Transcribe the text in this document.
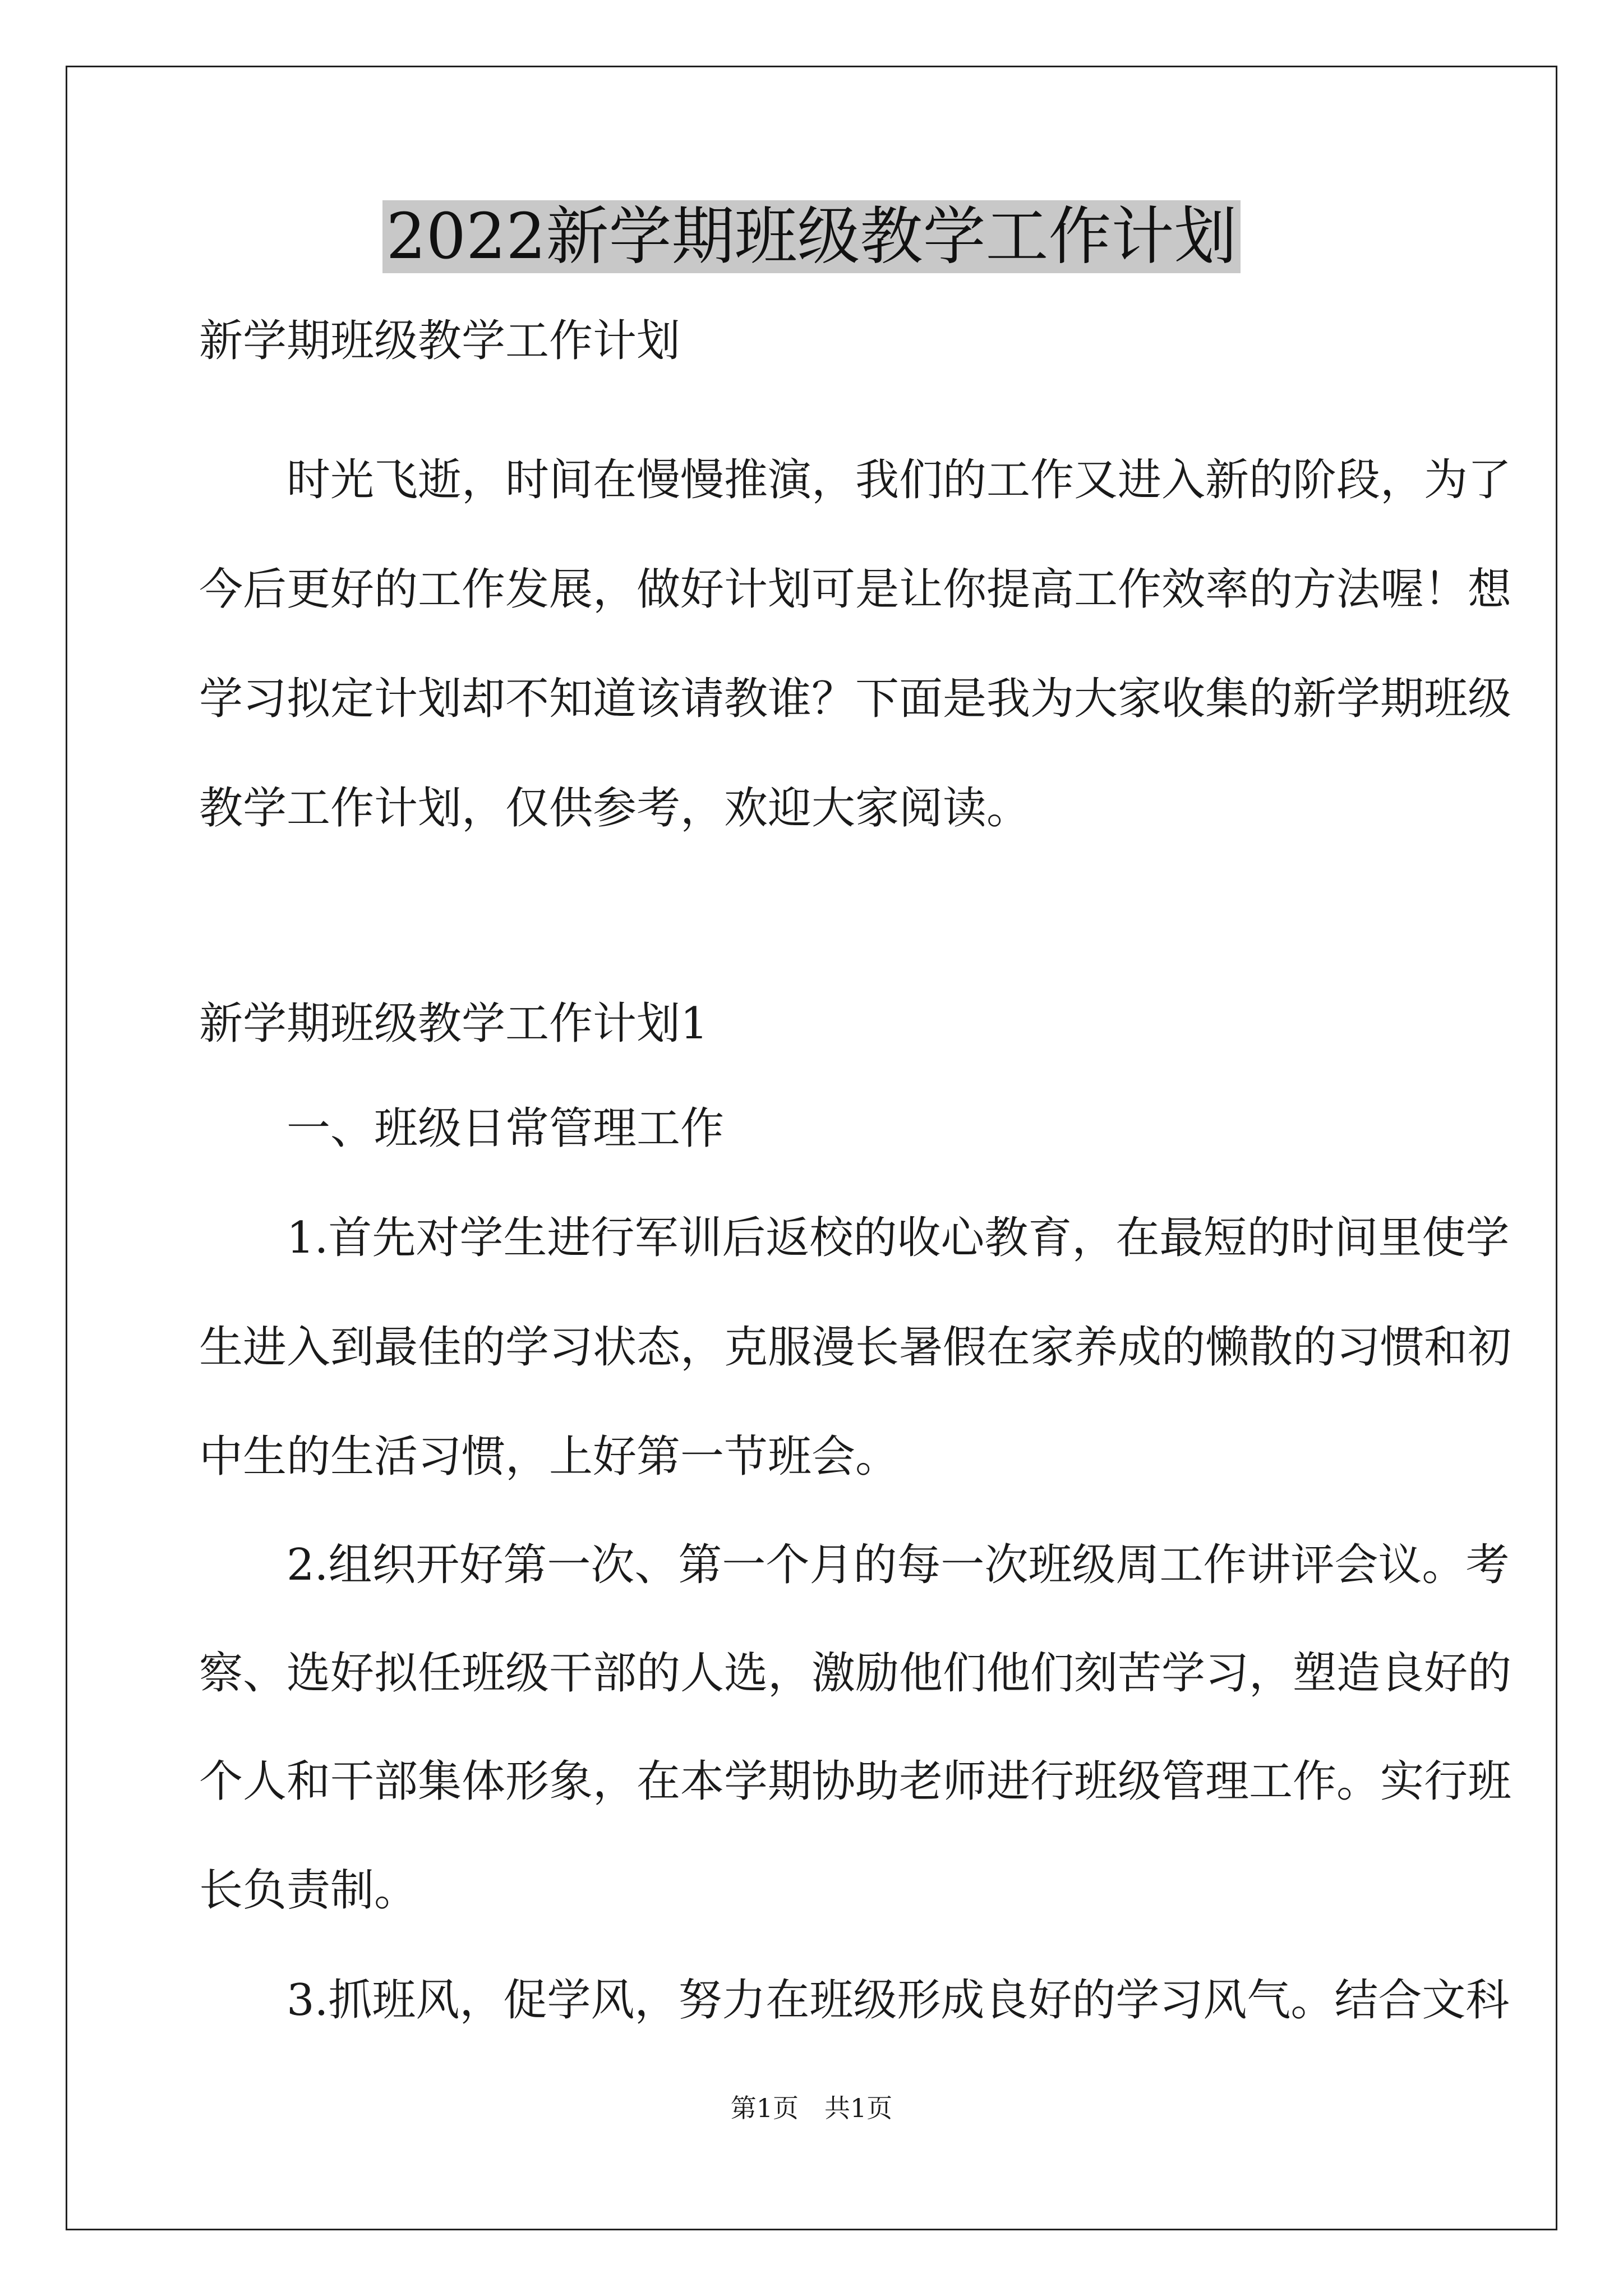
2022新学期班级教学工作计划
新学期班级教学工作计划
　　时光飞逝，时间在慢慢推演，我们的工作又进入新的阶段，为了
今后更好的工作发展，做好计划可是让你提高工作效率的方法喔！想
学习拟定计划却不知道该请教谁？下面是我为大家收集的新学期班级
教学工作计划，仅供参考，欢迎大家阅读。
新学期班级教学工作计划1
　　一、班级日常管理工作
　　1.首先对学生进行军训后返校的收心教育，在最短的时间里使学
生进入到最佳的学习状态，克服漫长暑假在家养成的懒散的习惯和初
中生的生活习惯，上好第一节班会。
　　2.组织开好第一次、第一个月的每一次班级周工作讲评会议。考
察、选好拟任班级干部的人选，激励他们他们刻苦学习，塑造良好的
个人和干部集体形象，在本学期协助老师进行班级管理工作。实行班
长负责制。
　　3.抓班风，促学风，努力在班级形成良好的学习风气。结合文科
第1页　共1页
